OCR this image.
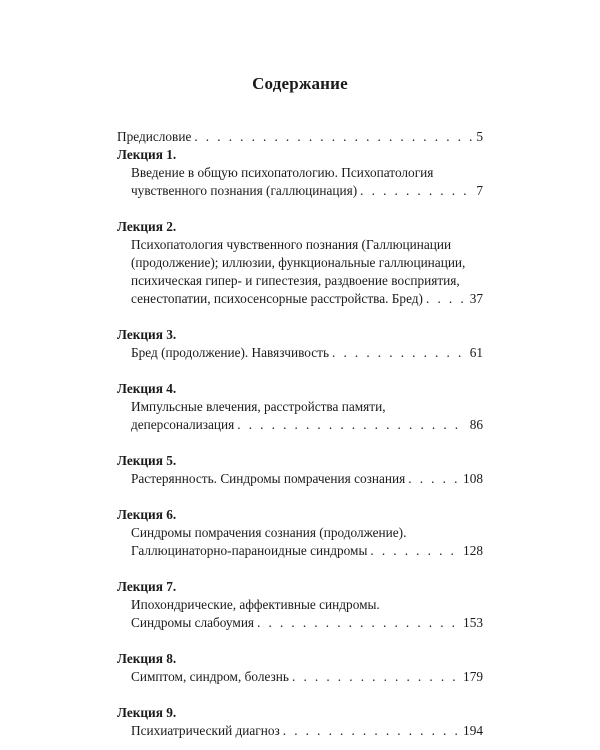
Содержание
Предисловие . . .	5
Лекция 1.
Введение в общую психопатологию. Психопатология
чувственного познания (галлюцинация) . . .	7
Лекция 2.
Психопатология чувственного познания (Галлюцинации
(продолжение); иллюзии, функциональные галлюцинации,
психическая гипер- и гипестезия, раздвоение восприятия,
сенестопатии, психосенсорные расстройства. Бред) . . .	37
Лекция 3.
Бред (продолжение). Навязчивость . . .	61
Лекция 4.
Импульсные влечения, расстройства памяти,
деперсонализация . . .	86
Лекция 5.
Растерянность. Синдромы помрачения сознания . . .	108
Лекция 6.
Синдромы помрачения сознания (продолжение).
Галлюцинаторно-параноидные синдромы . . .	128
Лекция 7.
Ипохондрические, аффективные синдромы.
Синдромы слабоумия . . .	153
Лекция 8.
Симптом, синдром, болезнь . . .	179
Лекция 9.
Психиатрический диагноз . . .	194
